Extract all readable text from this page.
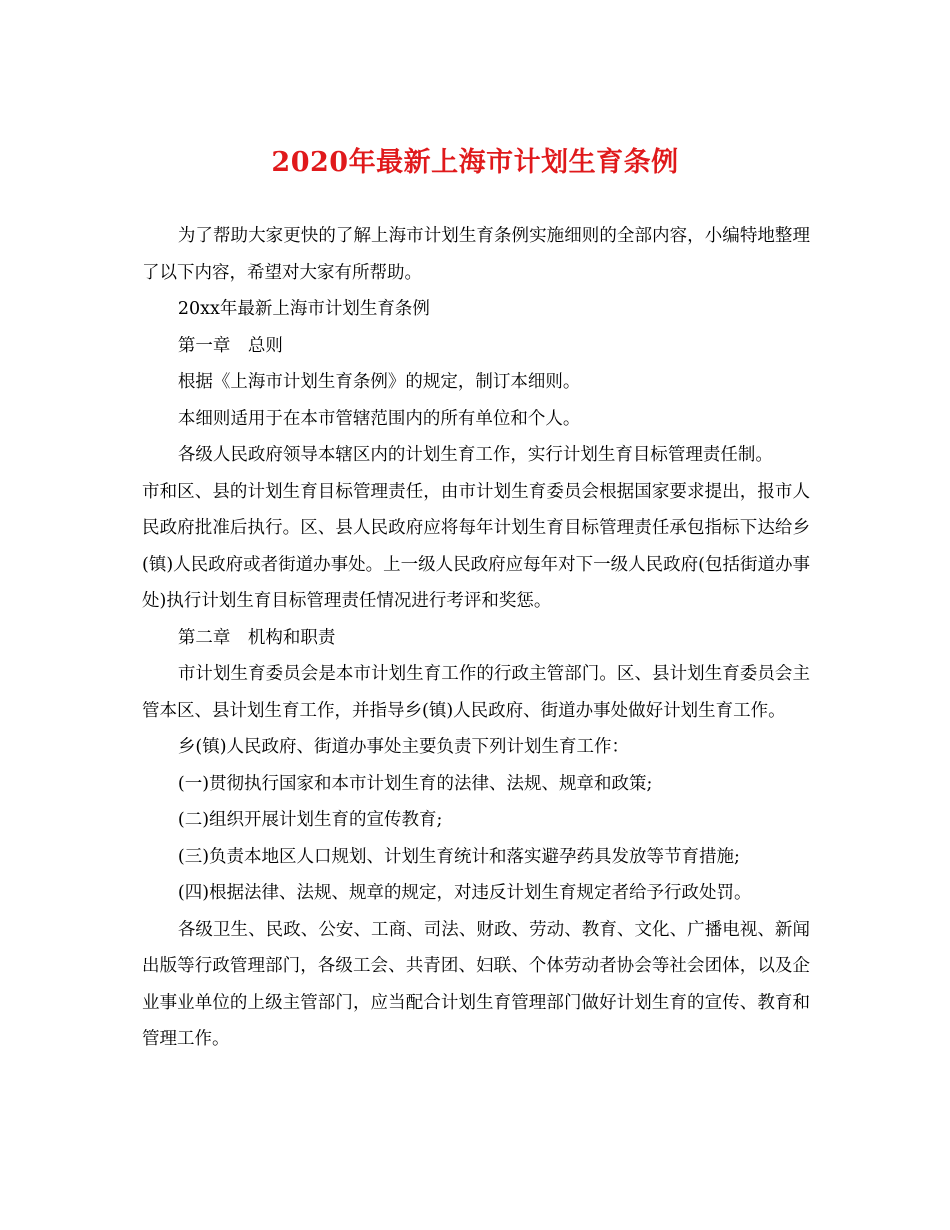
2020年最新上海市计划生育条例

为了帮助大家更快的了解上海市计划生育条例实施细则的全部内容，小编特地整理了以下内容，希望对大家有所帮助。

20xx年最新上海市计划生育条例

第一章　总则

根据《上海市计划生育条例》的规定，制订本细则。

本细则适用于在本市管辖范围内的所有单位和个人。

各级人民政府领导本辖区内的计划生育工作，实行计划生育目标管理责任制。

市和区、县的计划生育目标管理责任，由市计划生育委员会根据国家要求提出，报市人民政府批准后执行。区、县人民政府应将每年计划生育目标管理责任承包指标下达给乡(镇)人民政府或者街道办事处。上一级人民政府应每年对下一级人民政府(包括街道办事处)执行计划生育目标管理责任情况进行考评和奖惩。

第二章　机构和职责

市计划生育委员会是本市计划生育工作的行政主管部门。区、县计划生育委员会主管本区、县计划生育工作，并指导乡(镇)人民政府、街道办事处做好计划生育工作。

乡(镇)人民政府、街道办事处主要负责下列计划生育工作：

(一)贯彻执行国家和本市计划生育的法律、法规、规章和政策;

(二)组织开展计划生育的宣传教育;

(三)负责本地区人口规划、计划生育统计和落实避孕药具发放等节育措施;

(四)根据法律、法规、规章的规定，对违反计划生育规定者给予行政处罚。

各级卫生、民政、公安、工商、司法、财政、劳动、教育、文化、广播电视、新闻出版等行政管理部门，各级工会、共青团、妇联、个体劳动者协会等社会团体，以及企业事业单位的上级主管部门，应当配合计划生育管理部门做好计划生育的宣传、教育和管理工作。
